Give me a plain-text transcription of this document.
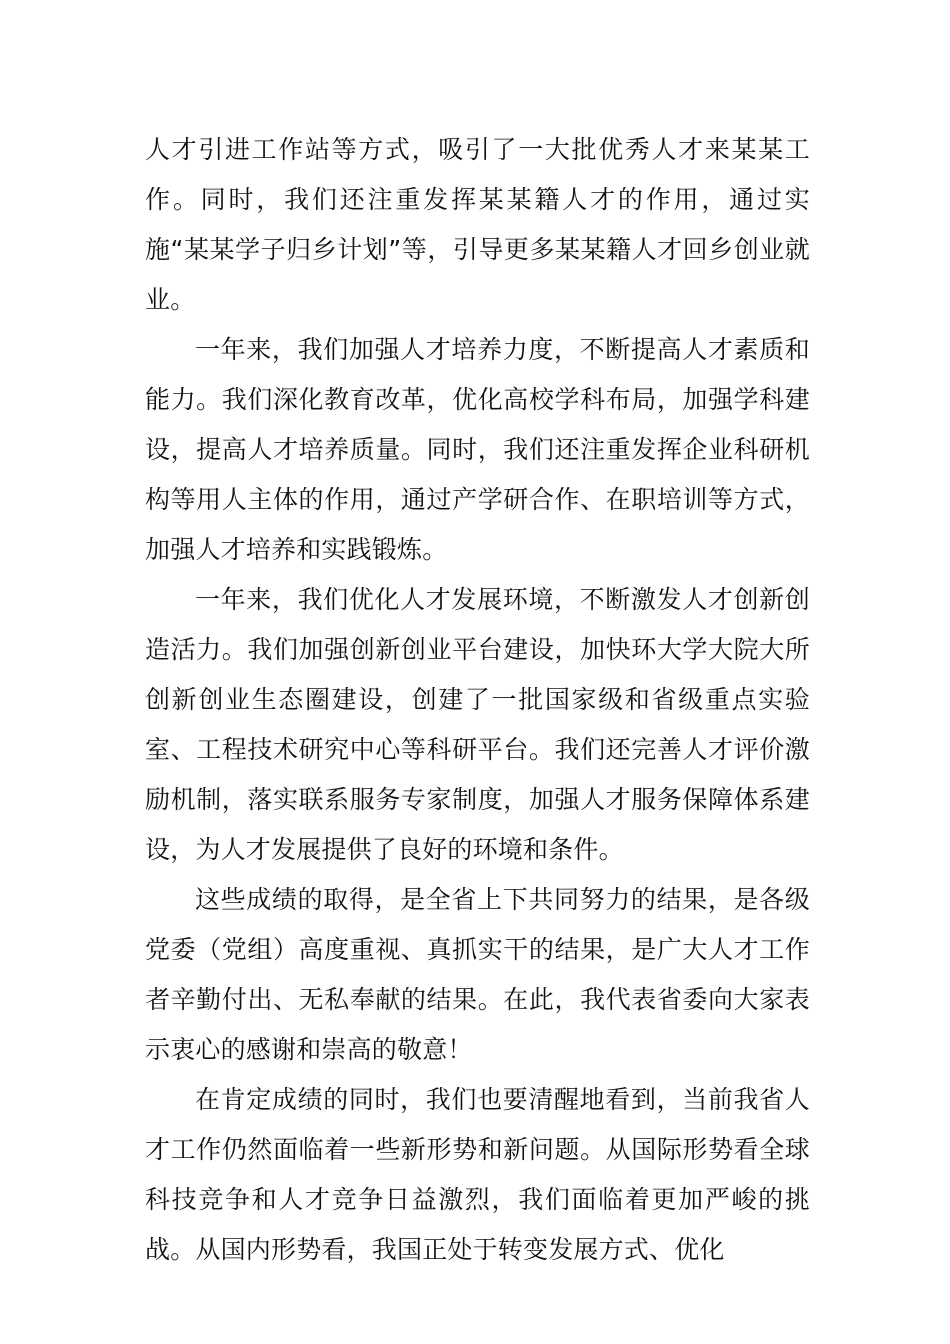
人才引进工作站等方式，吸引了一大批优秀人才来某某工作。同时，我们还注重发挥某某籍人才的作用，通过实施“某某学子归乡计划”等，引导更多某某籍人才回乡创业就业。

一年来，我们加强人才培养力度，不断提高人才素质和能力。我们深化教育改革，优化高校学科布局，加强学科建设，提高人才培养质量。同时，我们还注重发挥企业科研机构等用人主体的作用，通过产学研合作、在职培训等方式，加强人才培养和实践锻炼。

一年来，我们优化人才发展环境，不断激发人才创新创造活力。我们加强创新创业平台建设，加快环大学大院大所创新创业生态圈建设，创建了一批国家级和省级重点实验室、工程技术研究中心等科研平台。我们还完善人才评价激励机制，落实联系服务专家制度，加强人才服务保障体系建设，为人才发展提供了良好的环境和条件。

这些成绩的取得，是全省上下共同努力的结果，是各级党委（党组）高度重视、真抓实干的结果，是广大人才工作者辛勤付出、无私奉献的结果。在此，我代表省委向大家表示衷心的感谢和崇高的敬意！

在肯定成绩的同时，我们也要清醒地看到，当前我省人才工作仍然面临着一些新形势和新问题。从国际形势看全球科技竞争和人才竞争日益激烈，我们面临着更加严峻的挑战。从国内形势看，我国正处于转变发展方式、优化
